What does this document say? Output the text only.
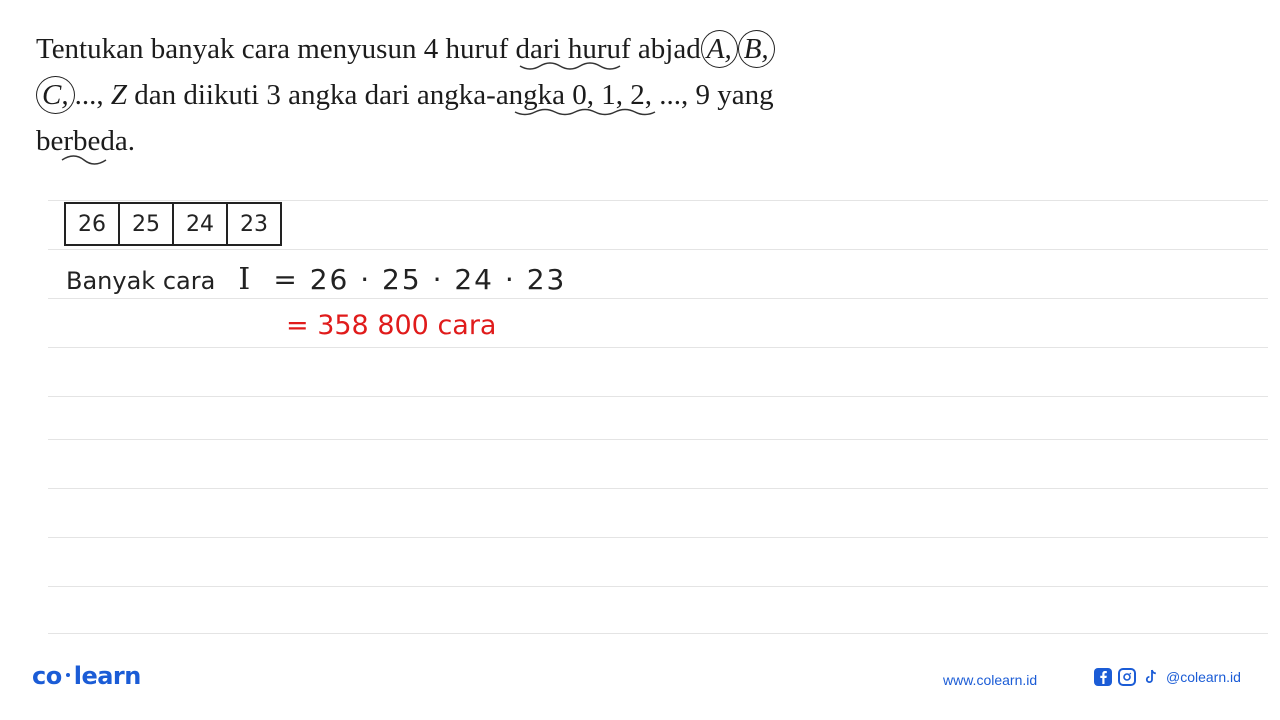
Tentukan banyak cara menyusun 4 huruf dari huruf abjad A, B,
C, ..., Z dan diikuti 3 angka dari angka-angka 0, 1, 2, ..., 9 yang
berbeda.
26	25	24	23
Banyak cara I = 26 · 25 · 24 · 23
= 358 800 cara
co learn	www.colearn.id	@colearn.id
